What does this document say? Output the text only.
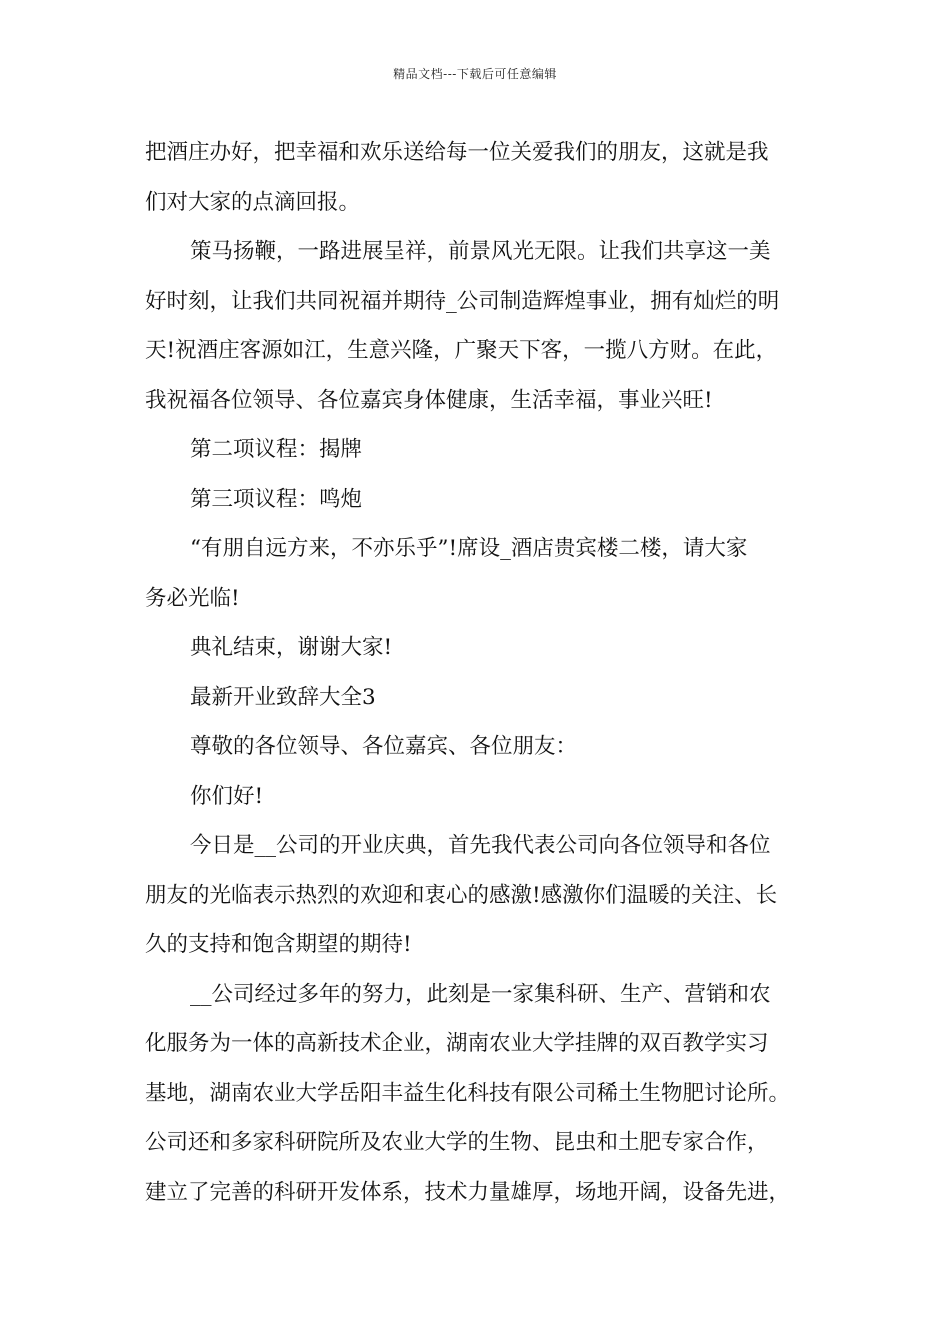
精品文档---下载后可任意编辑
把酒庄办好，把幸福和欢乐送给每一位关爱我们的朋友，这就是我
们对大家的点滴回报。
策马扬鞭，一路进展呈祥，前景风光无限。让我们共享这一美
好时刻，让我们共同祝福并期待_公司制造辉煌事业，拥有灿烂的明
天!祝酒庄客源如江，生意兴隆，广聚天下客，一揽八方财。在此，
我祝福各位领导、各位嘉宾身体健康，生活幸福，事业兴旺!
第二项议程：揭牌
第三项议程：鸣炮
“有朋自远方来，不亦乐乎”!席设_酒店贵宾楼二楼，请大家
务必光临!
典礼结束，谢谢大家!
最新开业致辞大全3
尊敬的各位领导、各位嘉宾、各位朋友：
你们好!
今日是__公司的开业庆典，首先我代表公司向各位领导和各位
朋友的光临表示热烈的欢迎和衷心的感激!感激你们温暖的关注、长
久的支持和饱含期望的期待!
__公司经过多年的努力，此刻是一家集科研、生产、营销和农
化服务为一体的高新技术企业，湖南农业大学挂牌的双百教学实习
基地，湖南农业大学岳阳丰益生化科技有限公司稀土生物肥讨论所。
公司还和多家科研院所及农业大学的生物、昆虫和土肥专家合作，
建立了完善的科研开发体系，技术力量雄厚，场地开阔，设备先进，
